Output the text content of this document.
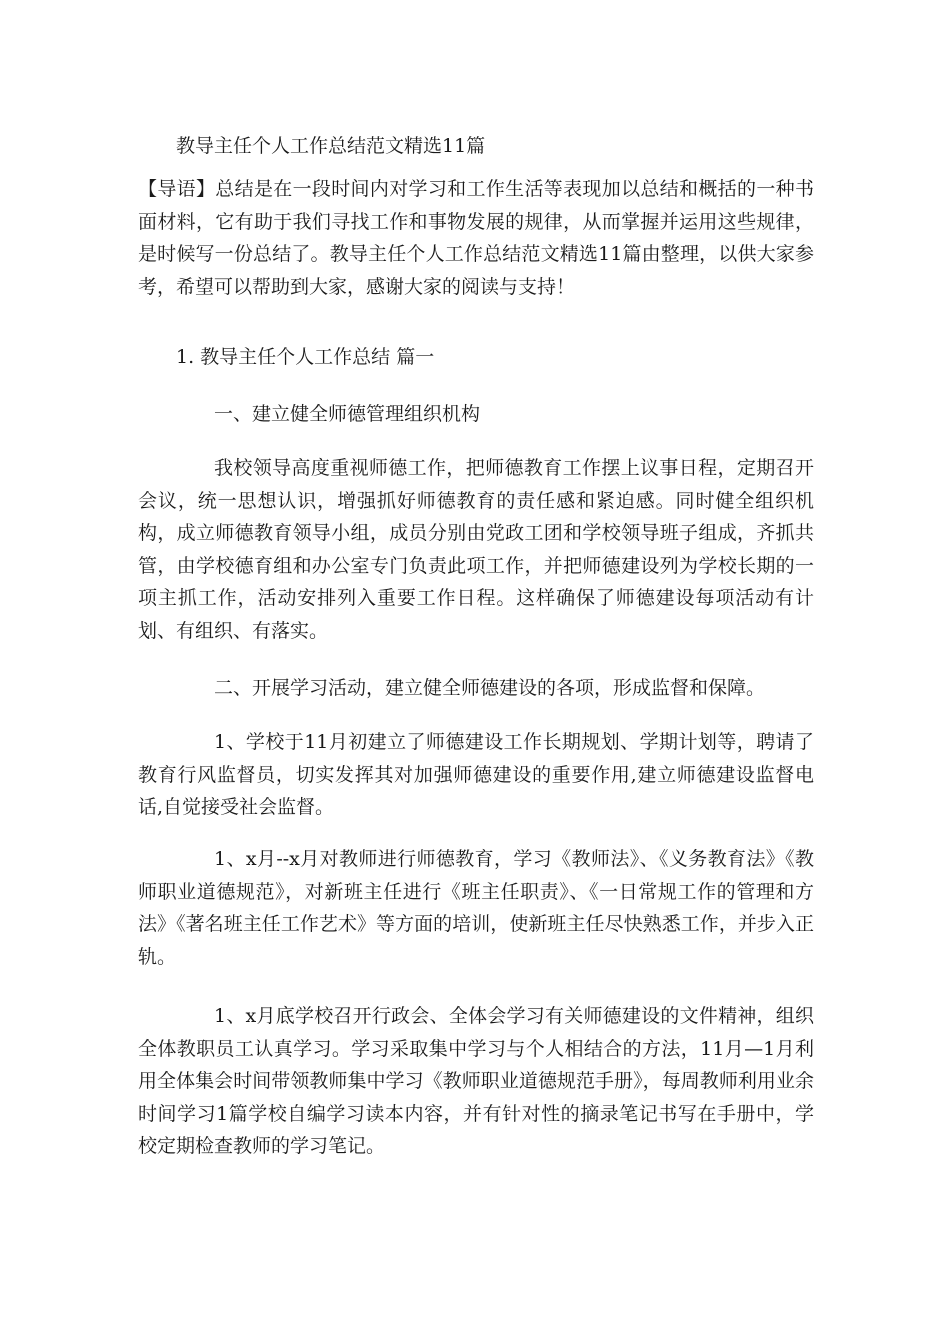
教导主任个人工作总结范文精选11篇

【导语】总结是在一段时间内对学习和工作生活等表现加以总结和概括的一种书面材料，它有助于我们寻找工作和事物发展的规律，从而掌握并运用这些规律，是时候写一份总结了。教导主任个人工作总结范文精选11篇由整理，以供大家参考，希望可以帮助到大家，感谢大家的阅读与支持！

1. 教导主任个人工作总结 篇一
一、建立健全师德管理组织机构

我校领导高度重视师德工作，把师德教育工作摆上议事日程，定期召开会议，统一思想认识，增强抓好师德教育的责任感和紧迫感。同时健全组织机构，成立师德教育领导小组，成员分别由党政工团和学校领导班子组成，齐抓共管，由学校德育组和办公室专门负责此项工作，并把师德建设列为学校长期的一项主抓工作，活动安排列入重要工作日程。这样确保了师德建设每项活动有计划、有组织、有落实。

二、开展学习活动，建立健全师德建设的各项，形成监督和保障。

1、学校于11月初建立了师德建设工作长期规划、学期计划等，聘请了教育行风监督员，切实发挥其对加强师德建设的重要作用,建立师德建设监督电话,自觉接受社会监督。

1、x月--x月对教师进行师德教育，学习《教师法》、《义务教育法》《教师职业道德规范》，对新班主任进行《班主任职责》、《一日常规工作的管理和方法》《著名班主任工作艺术》等方面的培训，使新班主任尽快熟悉工作，并步入正轨。

1、x月底学校召开行政会、全体会学习有关师德建设的文件精神，组织全体教职员工认真学习。学习采取集中学习与个人相结合的方法，11月—1月利用全体集会时间带领教师集中学习《教师职业道德规范手册》，每周教师利用业余时间学习1篇学校自编学习读本内容，并有针对性的摘录笔记书写在手册中，学校定期检查教师的学习笔记。
